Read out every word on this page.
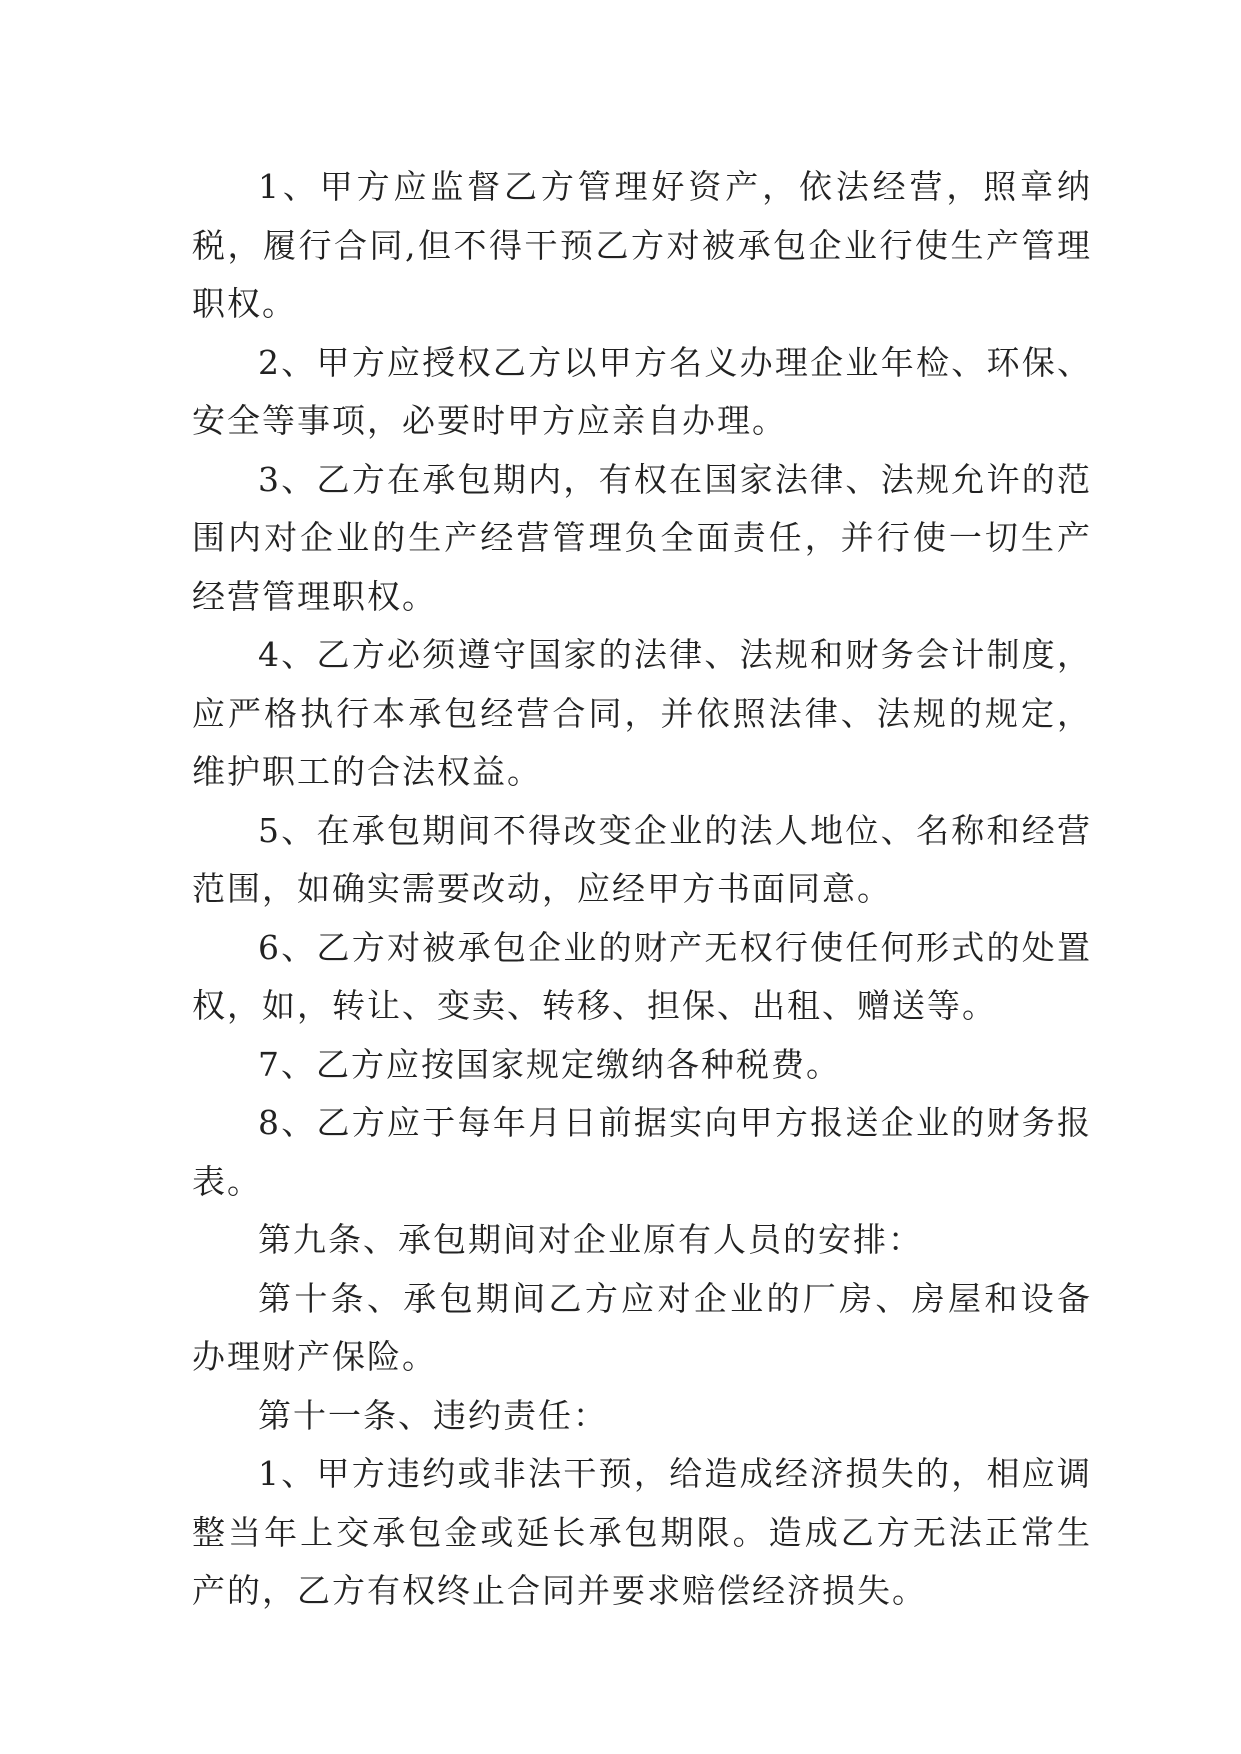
1、甲方应监督乙方管理好资产，依法经营，照章纳税，履行合同,但不得干预乙方对被承包企业行使生产管理职权。

2、甲方应授权乙方以甲方名义办理企业年检、环保、安全等事项，必要时甲方应亲自办理。

3、乙方在承包期内，有权在国家法律、法规允许的范围内对企业的生产经营管理负全面责任，并行使一切生产经营管理职权。

4、乙方必须遵守国家的法律、法规和财务会计制度，应严格执行本承包经营合同，并依照法律、法规的规定，维护职工的合法权益。

5、在承包期间不得改变企业的法人地位、名称和经营范围，如确实需要改动，应经甲方书面同意。

6、乙方对被承包企业的财产无权行使任何形式的处置权，如，转让、变卖、转移、担保、出租、赠送等。

7、乙方应按国家规定缴纳各种税费。

8、乙方应于每年月日前据实向甲方报送企业的财务报表。

第九条、承包期间对企业原有人员的安排：

第十条、承包期间乙方应对企业的厂房、房屋和设备办理财产保险。

第十一条、违约责任：

1、甲方违约或非法干预，给造成经济损失的，相应调整当年上交承包金或延长承包期限。造成乙方无法正常生产的，乙方有权终止合同并要求赔偿经济损失。
